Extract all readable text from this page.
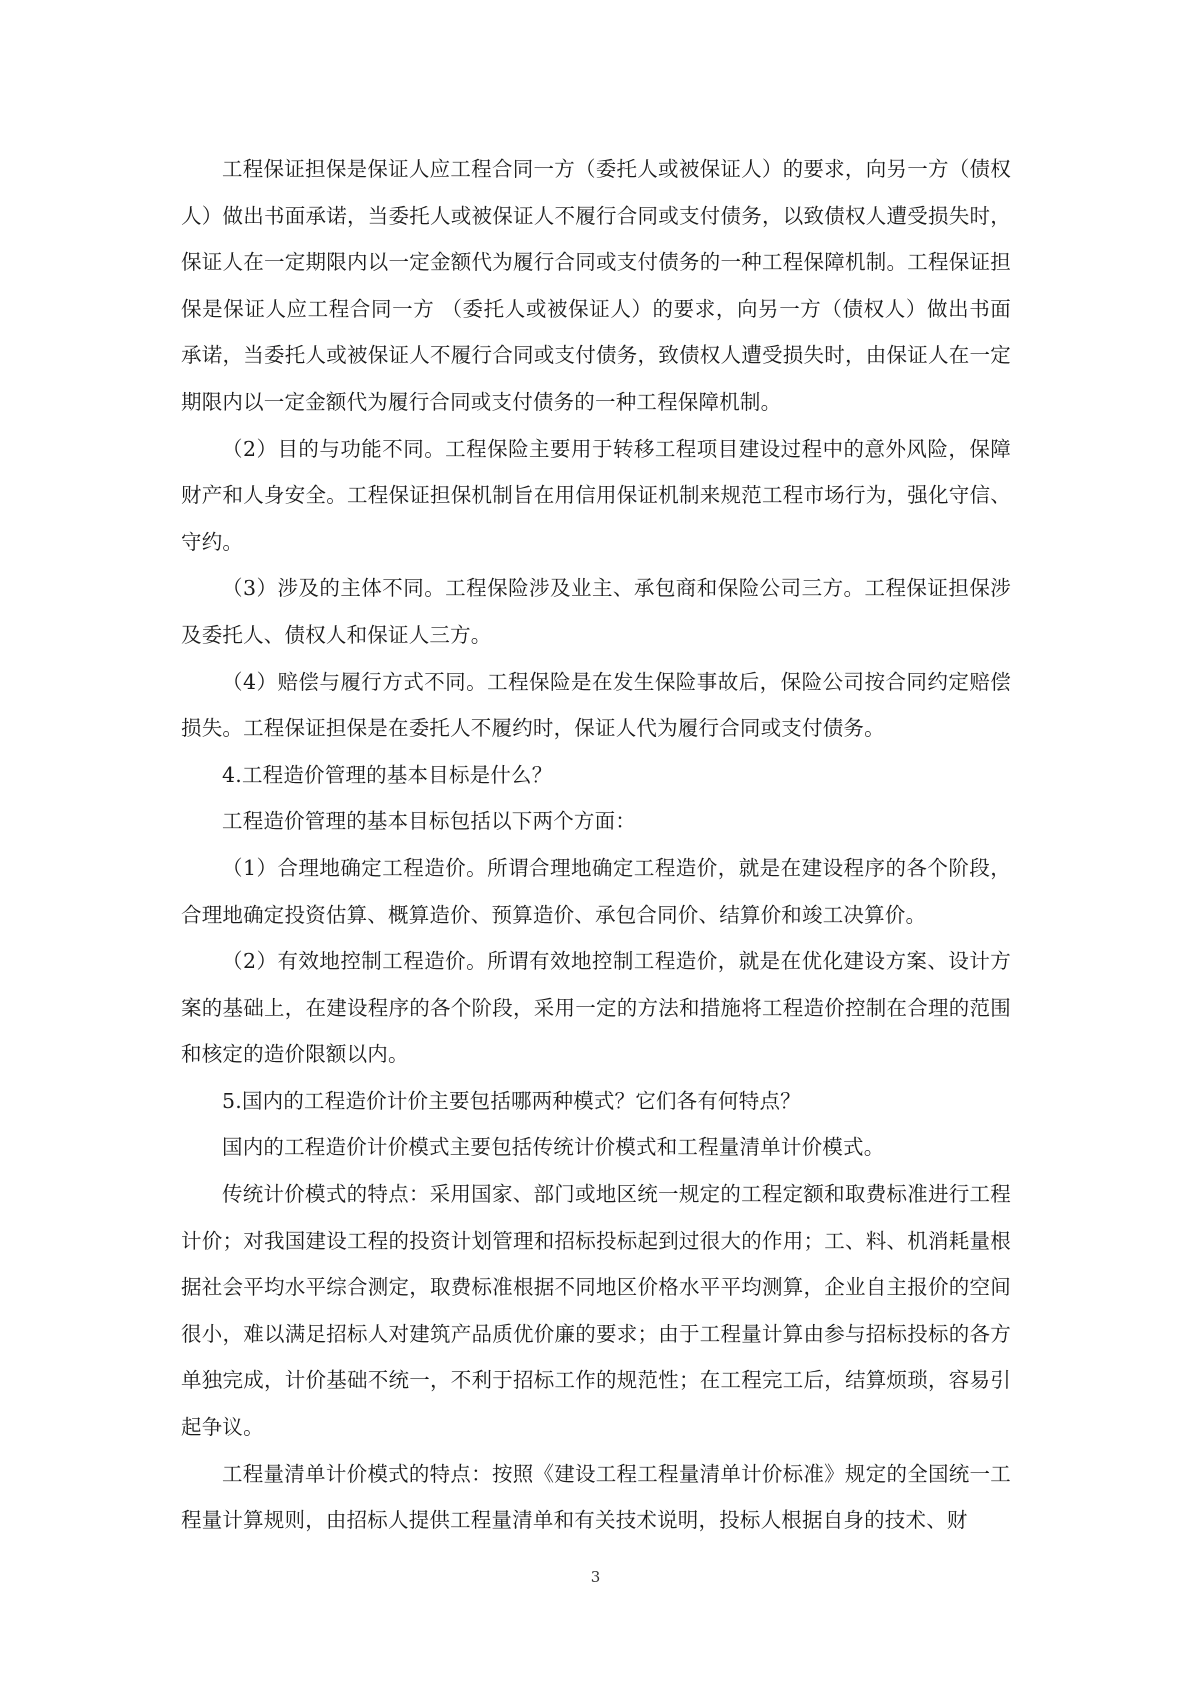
工程保证担保是保证人应工程合同一方（委托人或被保证人）的要求，向另一方（债权人）做出书面承诺，当委托人或被保证人不履行合同或支付债务，以致债权人遭受损失时，保证人在一定期限内以一定金额代为履行合同或支付债务的一种工程保障机制。工程保证担保是保证人应工程合同一方 （委托人或被保证人）的要求，向另一方（债权人）做出书面承诺，当委托人或被保证人不履行合同或支付债务，致债权人遭受损失时，由保证人在一定期限内以一定金额代为履行合同或支付债务的一种工程保障机制。

（2）目的与功能不同。工程保险主要用于转移工程项目建设过程中的意外风险，保障财产和人身安全。工程保证担保机制旨在用信用保证机制来规范工程市场行为，强化守信、守约。

（3）涉及的主体不同。工程保险涉及业主、承包商和保险公司三方。工程保证担保涉及委托人、债权人和保证人三方。

（4）赔偿与履行方式不同。工程保险是在发生保险事故后，保险公司按合同约定赔偿损失。工程保证担保是在委托人不履约时，保证人代为履行合同或支付债务。

4.工程造价管理的基本目标是什么？

工程造价管理的基本目标包括以下两个方面：

（1）合理地确定工程造价。所谓合理地确定工程造价，就是在建设程序的各个阶段，合理地确定投资估算、概算造价、预算造价、承包合同价、结算价和竣工决算价。

（2）有效地控制工程造价。所谓有效地控制工程造价，就是在优化建设方案、设计方案的基础上，在建设程序的各个阶段，采用一定的方法和措施将工程造价控制在合理的范围和核定的造价限额以内。

5.国内的工程造价计价主要包括哪两种模式？它们各有何特点？

国内的工程造价计价模式主要包括传统计价模式和工程量清单计价模式。

传统计价模式的特点：采用国家、部门或地区统一规定的工程定额和取费标准进行工程计价；对我国建设工程的投资计划管理和招标投标起到过很大的作用；工、料、机消耗量根据社会平均水平综合测定，取费标准根据不同地区价格水平平均测算，企业自主报价的空间很小，难以满足招标人对建筑产品质优价廉的要求；由于工程量计算由参与招标投标的各方单独完成，计价基础不统一，不利于招标工作的规范性；在工程完工后，结算烦琐，容易引起争议。

工程量清单计价模式的特点：按照《建设工程工程量清单计价标准》规定的全国统一工程量计算规则，由招标人提供工程量清单和有关技术说明，投标人根据自身的技术、财

3
